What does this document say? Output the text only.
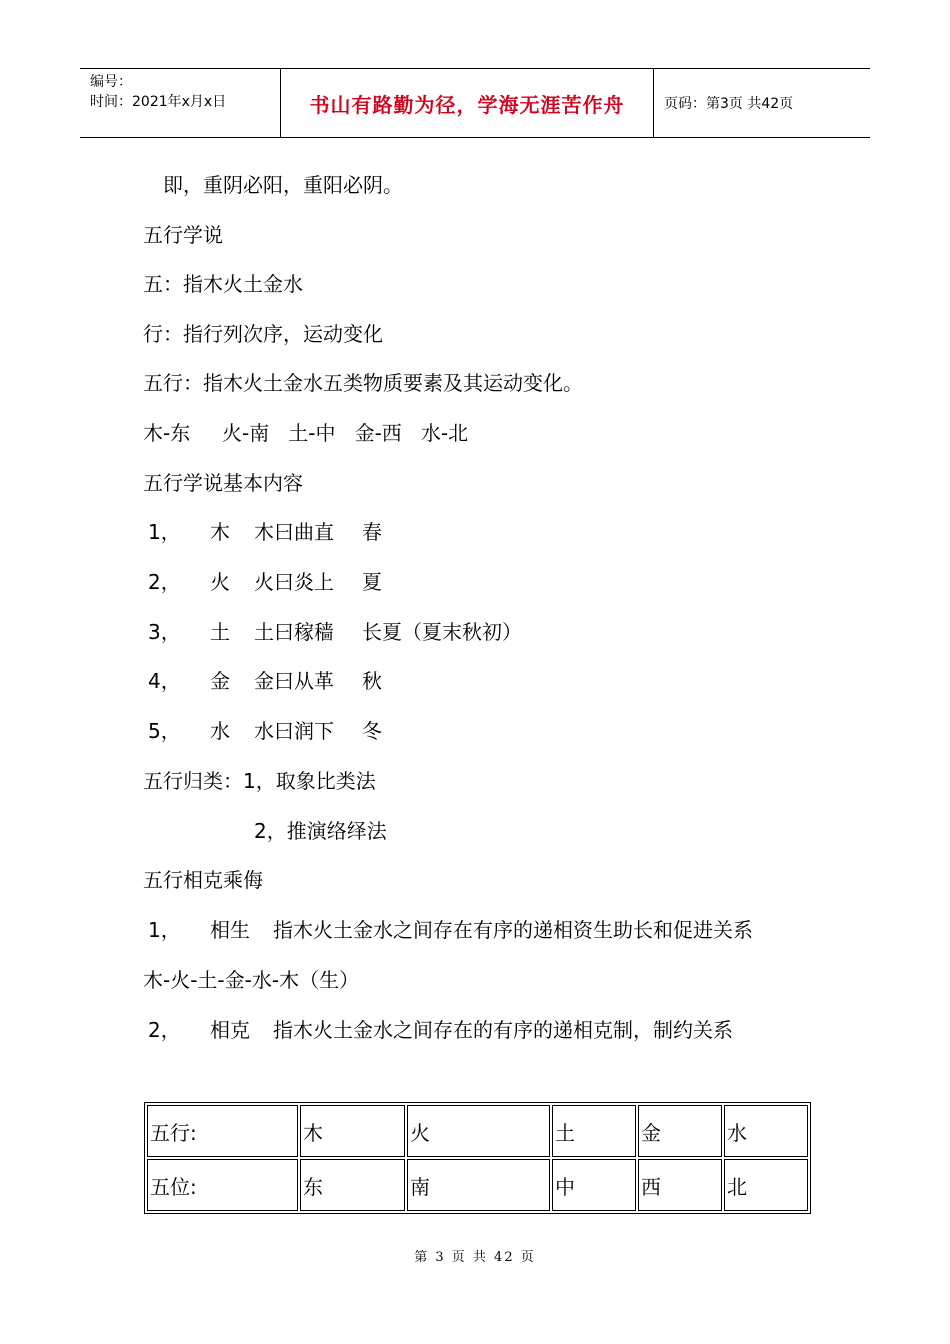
编号：
时间：2021年x月x日	书山有路勤为径，学海无涯苦作舟	页码：第3页 共42页
即，重阴必阳，重阳必阴。
五行学说
五：指木火土金水
行：指行列次序，运动变化
五行：指木火土金水五类物质要素及其运动变化。
木-东     火-南   土-中   金-西   水-北
五行学说基本内容
1， 木 木曰曲直 春
2， 火 火曰炎上 夏
3， 土 土曰稼穑 长夏（夏末秋初）
4， 金 金曰从革 秋
5， 水 水曰润下 冬
五行归类：1，取象比类法
2，推演络绎法
五行相克乘侮
1， 相生 指木火土金水之间存在有序的递相资生助长和促进关系
木-火-土-金-水-木（生）
2， 相克 指木火土金水之间存在的有序的递相克制，制约关系
五行:	木	火	土	金	水
五位:	东	南	中	西	北
第 3 页 共 42 页
